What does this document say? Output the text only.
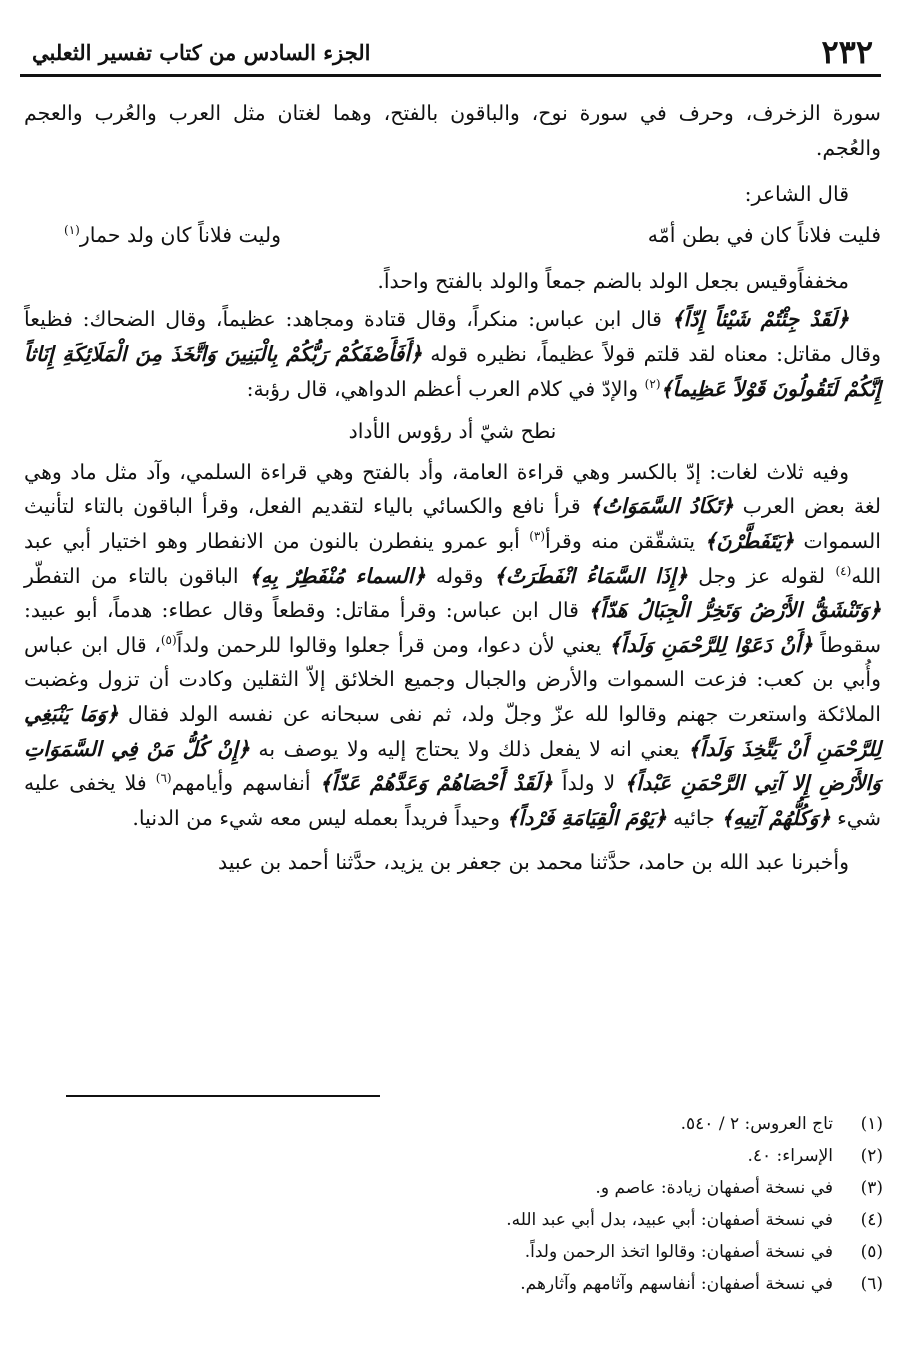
٢٣٢
الجزء السادس من كتاب تفسير الثعلبي

سورة الزخرف، وحرف في سورة نوح، والباقون بالفتح، وهما لغتان مثل العرب والعُرب والعجم والعُجم.

قال الشاعر:

فليت فلاناً كان في بطن أمّه
وليت فلاناً كان ولد حمار$^{(١)}$

مخففاًوقيس بجعل الولد بالضم جمعاً والولد بالفتح واحداً.

﴿لَقَدْ جِئْتُمْ شَيْئاً إِدّاً﴾ قال ابن عباس: منكراً، وقال قتادة ومجاهد: عظيماً، وقال الضحاك: فظيعاً وقال مقاتل: معناه لقد قلتم قولاً عظيماً، نظيره قوله ﴿أَفَأَصْفَكُمْ رَبُّكُمْ بِالْبَنِينَ وَاتَّخَذَ مِنَ الْمَلَائِكَةِ إِنَاثاً إِنَّكُمْ لَتَقُولُونَ قَوْلاً عَظِيماً﴾$^{(٢)}$ والإدّ في كلام العرب أعظم الدواهي، قال رؤبة:

نطح شيّ أد رؤوس الأداد

وفيه ثلاث لغات: إدّ بالكسر وهي قراءة العامة، وأد بالفتح وهي قراءة السلمي، وآد مثل ماد وهي لغة بعض العرب ﴿تَكَادُ السَّمَوَاتُ﴾ قرأ نافع والكسائي بالياء لتقديم الفعل، وقرأ الباقون بالتاء لتأنيث السموات ﴿يَتَفَطَّرْنَ﴾ يتشقّقن منه وقرأ$^{(٣)}$ أبو عمرو ينفطرن بالنون من الانفطار وهو اختيار أبي عبد الله$^{(٤)}$ لقوله عز وجل ﴿إِذَا السَّمَاءُ انْفَطَرَتْ﴾ وقوله ﴿السماء مُنْفَطِرٌ بِهِ﴾ الباقون بالتاء من التفطّر ﴿وَتَنْشَقُّ الأَرْضُ وَتَخِرُّ الْجِبَالُ هَدّاً﴾ قال ابن عباس: وقرأ مقاتل: وقطعاً وقال عطاء: هدماً، أبو عبيد: سقوطاً ﴿أَنْ دَعَوْا لِلرَّحْمَنِ وَلَداً﴾ يعني لأن دعوا، ومن قرأ جعلوا وقالوا للرحمن ولداً$^{(٥)}$، قال ابن عباس وأُبي بن كعب: فزعت السموات والأرض والجبال وجميع الخلائق إلاّ الثقلين وكادت أن تزول وغضبت الملائكة واستعرت جهنم وقالوا لله عزّ وجلّ ولد، ثم نفى سبحانه عن نفسه الولد فقال ﴿وَمَا يَنْبَغِي لِلرَّحْمَنِ أَنْ يَتَّخِذَ وَلَداً﴾ يعني انه لا يفعل ذلك ولا يحتاج إليه ولا يوصف به ﴿إِنْ كُلُّ مَنْ فِي السَّمَوَاتِ وَالأَرْضِ إِلا آتِي الرَّحْمَنِ عَبْداً﴾ لا ولداً ﴿لَقَدْ أَحْصَاهُمْ وَعَدَّهُمْ عَدّاً﴾ أنفاسهم وأيامهم$^{(٦)}$ فلا يخفى عليه شيء ﴿وَكُلُّهُمْ آتِيهِ﴾ جائيه ﴿يَوْمَ الْقِيَامَةِ فَرْداً﴾ وحيداً فريداً بعمله ليس معه شيء من الدنيا.

وأخبرنا عبد الله بن حامد، حدَّثنا محمد بن جعفر بن يزيد، حدَّثنا أحمد بن عبيد

(١)
تاج العروس: ٢ / ٥٤٠.
(٢)
الإسراء: ٤٠.
(٣)
في نسخة أصفهان زيادة: عاصم و.
(٤)
في نسخة أصفهان: أبي عبيد، بدل أبي عبد الله.
(٥)
في نسخة أصفهان: وقالوا اتخذ الرحمن ولداً.
(٦)
في نسخة أصفهان: أنفاسهم وآثامهم وآثارهم.
